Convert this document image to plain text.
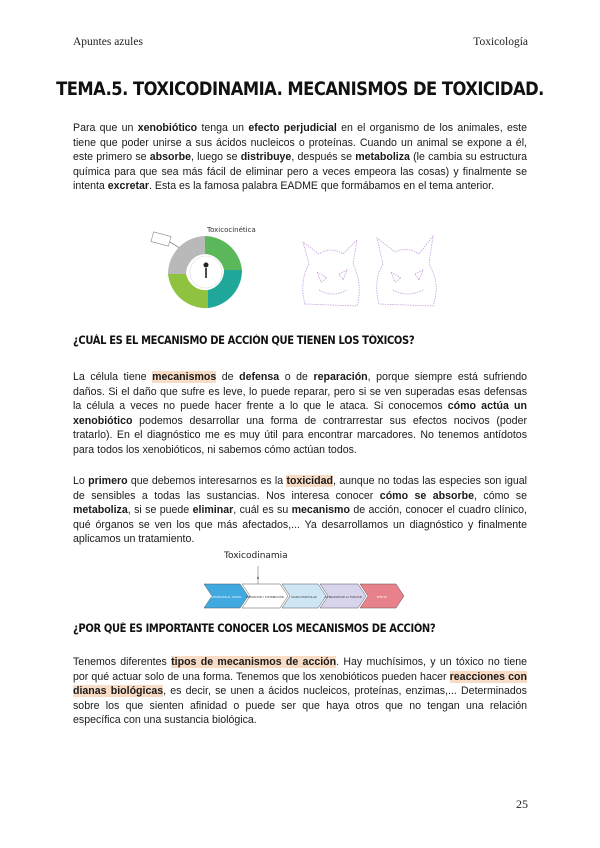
Apuntes azules	Toxicología
TEMA.5. TOXICODINAMIA. MECANISMOS DE TOXICIDAD.

Para que un xenobiótico tenga un efecto perjudicial en el organismo de los animales, este tiene que poder unirse a sus ácidos nucleicos o proteínas. Cuando un animal se expone a él, este primero se absorbe, luego se distribuye, después se metaboliza (le cambia su estructura química para que sea más fácil de eliminar pero a veces empeora las cosas) y finalmente se intenta excretar. Esta es la famosa palabra EADME que formábamos en el tema anterior.

Toxicocinética
¿CUÁL ES EL MECANISMO DE ACCIÓN QUE TIENEN LOS TÓXICOS?

La célula tiene mecanismos de defensa o de reparación, porque siempre está sufriendo daños. Si el daño que sufre es leve, lo puede reparar, pero si se ven superadas esas defensas la célula a veces no puede hacer frente a lo que le ataca. Si conocemos cómo actúa un xenobiótico podemos desarrollar una forma de contrarrestar sus efectos nocivos (poder tratarlo). En el diagnóstico me es muy útil para encontrar marcadores. No tenemos antídotos para todos los xenobióticos, ni sabemos cómo actúan todos.

Lo primero que debemos interesarnos es la toxicidad, aunque no todas las especies son igual de sensibles a todas las sustancias. Nos interesa conocer cómo se absorbe, cómo se metaboliza, si se puede eliminar, cuál es su mecanismo de acción, conocer el cuadro clínico, qué órganos se ven los que más afectados,... Ya desarrollamos un diagnóstico y finalmente aplicamos un tratamiento.

Toxicodinamia
EXPOSICIÓN AL TÓXICO ABSORCIÓN Y DISTRIBUCIÓN	DIANA MOLECULAR	ALTERACIÓN DE LA FUNCIÓN	EFECTO
¿POR QUÉ ES IMPORTANTE CONOCER LOS MECANISMOS DE ACCIÓN?

Tenemos diferentes tipos de mecanismos de acción. Hay muchísimos, y un tóxico no tiene por qué actuar solo de una forma. Tenemos que los xenobióticos pueden hacer reacciones con dianas biológicas, es decir, se unen a ácidos nucleicos, proteínas, enzimas,... Determinados sobre los que sienten afinidad o puede ser que haya otros que no tengan una relación específica con una sustancia biológica.

25
